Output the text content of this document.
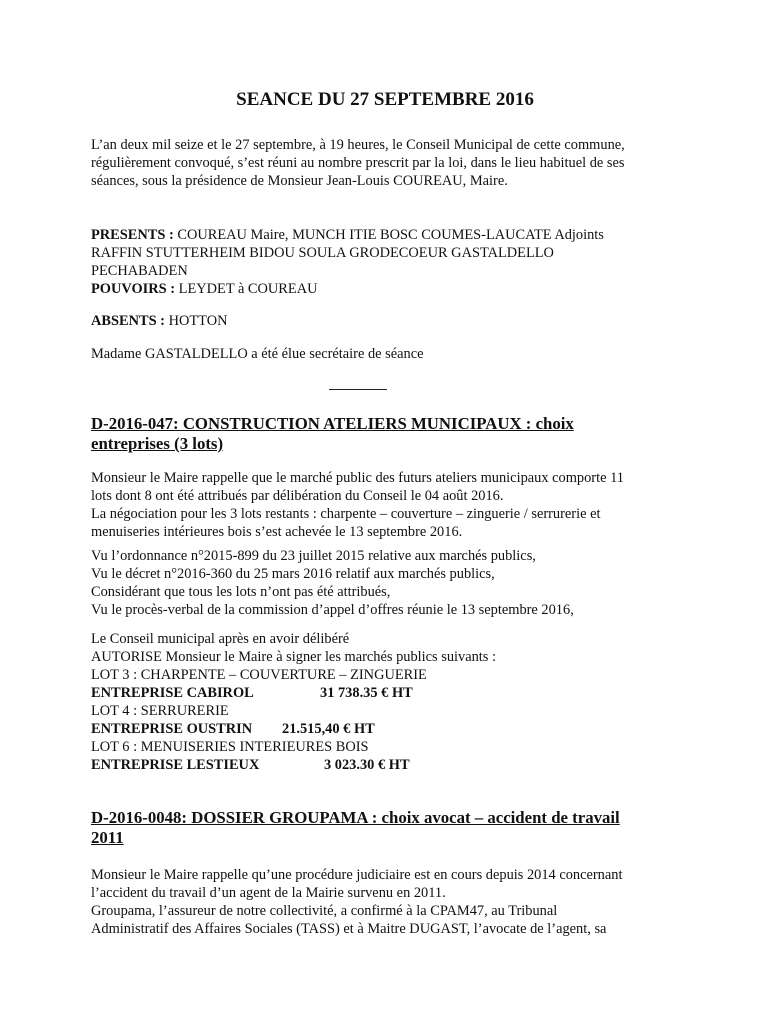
SEANCE DU 27 SEPTEMBRE 2016
L’an deux mil seize et le 27 septembre, à 19 heures, le Conseil Municipal de cette commune,
régulièrement convoqué, s’est réuni au nombre prescrit par la loi, dans le lieu habituel de ses
séances, sous la présidence de Monsieur Jean-Louis COUREAU, Maire.
PRESENTS : COUREAU Maire, MUNCH ITIE BOSC COUMES-LAUCATE Adjoints
RAFFIN STUTTERHEIM BIDOU SOULA GRODECOEUR GASTALDELLO
PECHABADEN
POUVOIRS : LEYDET à COUREAU
ABSENTS : HOTTON
Madame GASTALDELLO a été élue secrétaire de séance
D-2016-047: CONSTRUCTION ATELIERS MUNICIPAUX : choix
entreprises (3 lots)
Monsieur le Maire rappelle que le marché public des futurs ateliers municipaux comporte 11
lots dont 8 ont été attribués par délibération du Conseil le 04 août 2016.
La négociation pour les 3 lots restants : charpente – couverture – zinguerie / serrurerie et
menuiseries intérieures bois s’est achevée le 13 septembre 2016.
Vu l’ordonnance n°2015-899 du 23 juillet 2015 relative aux marchés publics,
Vu le décret n°2016-360 du 25 mars 2016 relatif aux marchés publics,
Considérant que tous les lots n’ont pas été attribués,
Vu le procès-verbal de la commission d’appel d’offres réunie le 13 septembre 2016,
Le Conseil municipal après en avoir délibéré
AUTORISE Monsieur le Maire à signer les marchés publics suivants :
LOT 3 : CHARPENTE – COUVERTURE – ZINGUERIE
ENTREPRISE CABIROL	31 738.35 € HT
LOT 4 : SERRURERIE
ENTREPRISE OUSTRIN 21.515,40 € HT
LOT 6 : MENUISERIES INTERIEURES BOIS
ENTREPRISE LESTIEUX	3 023.30 € HT
D-2016-0048: DOSSIER GROUPAMA : choix avocat – accident de travail
2011
Monsieur le Maire rappelle qu’une procédure judiciaire est en cours depuis 2014 concernant
l’accident du travail d’un agent de la Mairie survenu en 2011.
Groupama, l’assureur de notre collectivité, a confirmé à la CPAM47, au Tribunal
Administratif des Affaires Sociales (TASS) et à Maitre DUGAST, l’avocate de l’agent, sa
